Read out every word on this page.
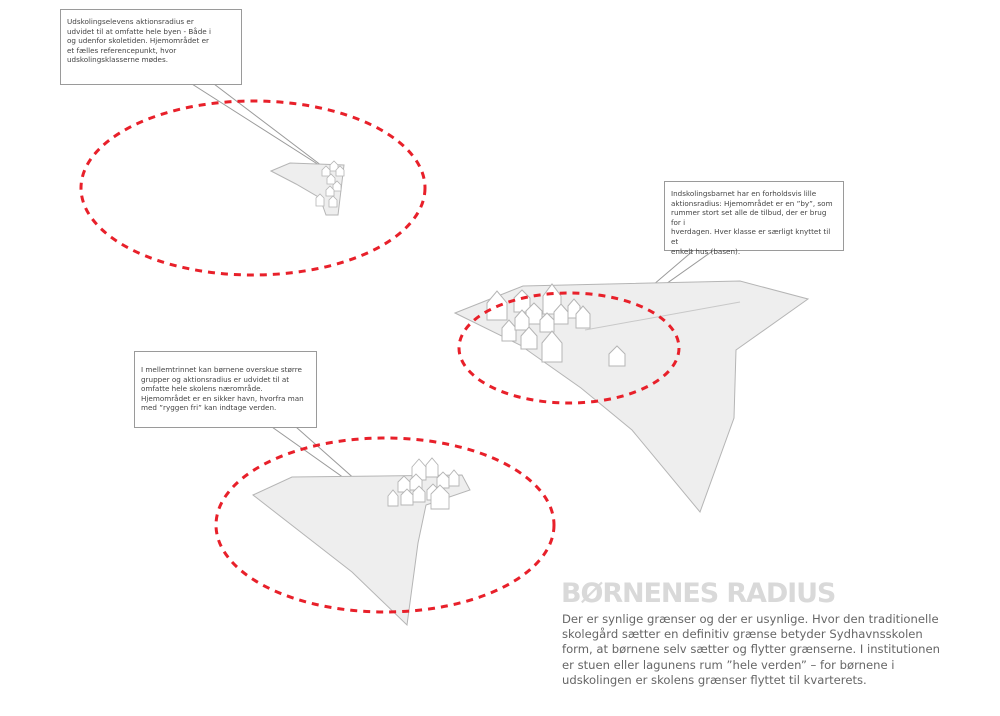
Udskolingselevens aktionsradius er
udvidet til at omfatte hele byen - Både i
og udenfor skoletiden. Hjemområdet er
et fælles referencepunkt, hvor
udskolingsklasserne mødes.

Indskolingsbarnet har en forholdsvis lille
aktionsradius: Hjemområdet er en ”by”, som
rummer stort set alle de tilbud, der er brug for i
hverdagen. Hver klasse er særligt knyttet til et
enkelt hus (basen).

I mellemtrinnet kan børnene overskue større
grupper og aktionsradius er udvidet til at
omfatte hele skolens nærområde.
Hjemområdet er en sikker havn, hvorfra man
med ”ryggen fri” kan indtage verden.

BØRNENES RADIUS

Der er synlige grænser og der er usynlige. Hvor den traditionelle
skolegård sætter en definitiv grænse betyder Sydhavnsskolen
form, at børnene selv sætter og flytter grænserne. I institutionen
er stuen eller lagunens rum ”hele verden” – for børnene i
udskolingen er skolens grænser flyttet til kvarterets.
